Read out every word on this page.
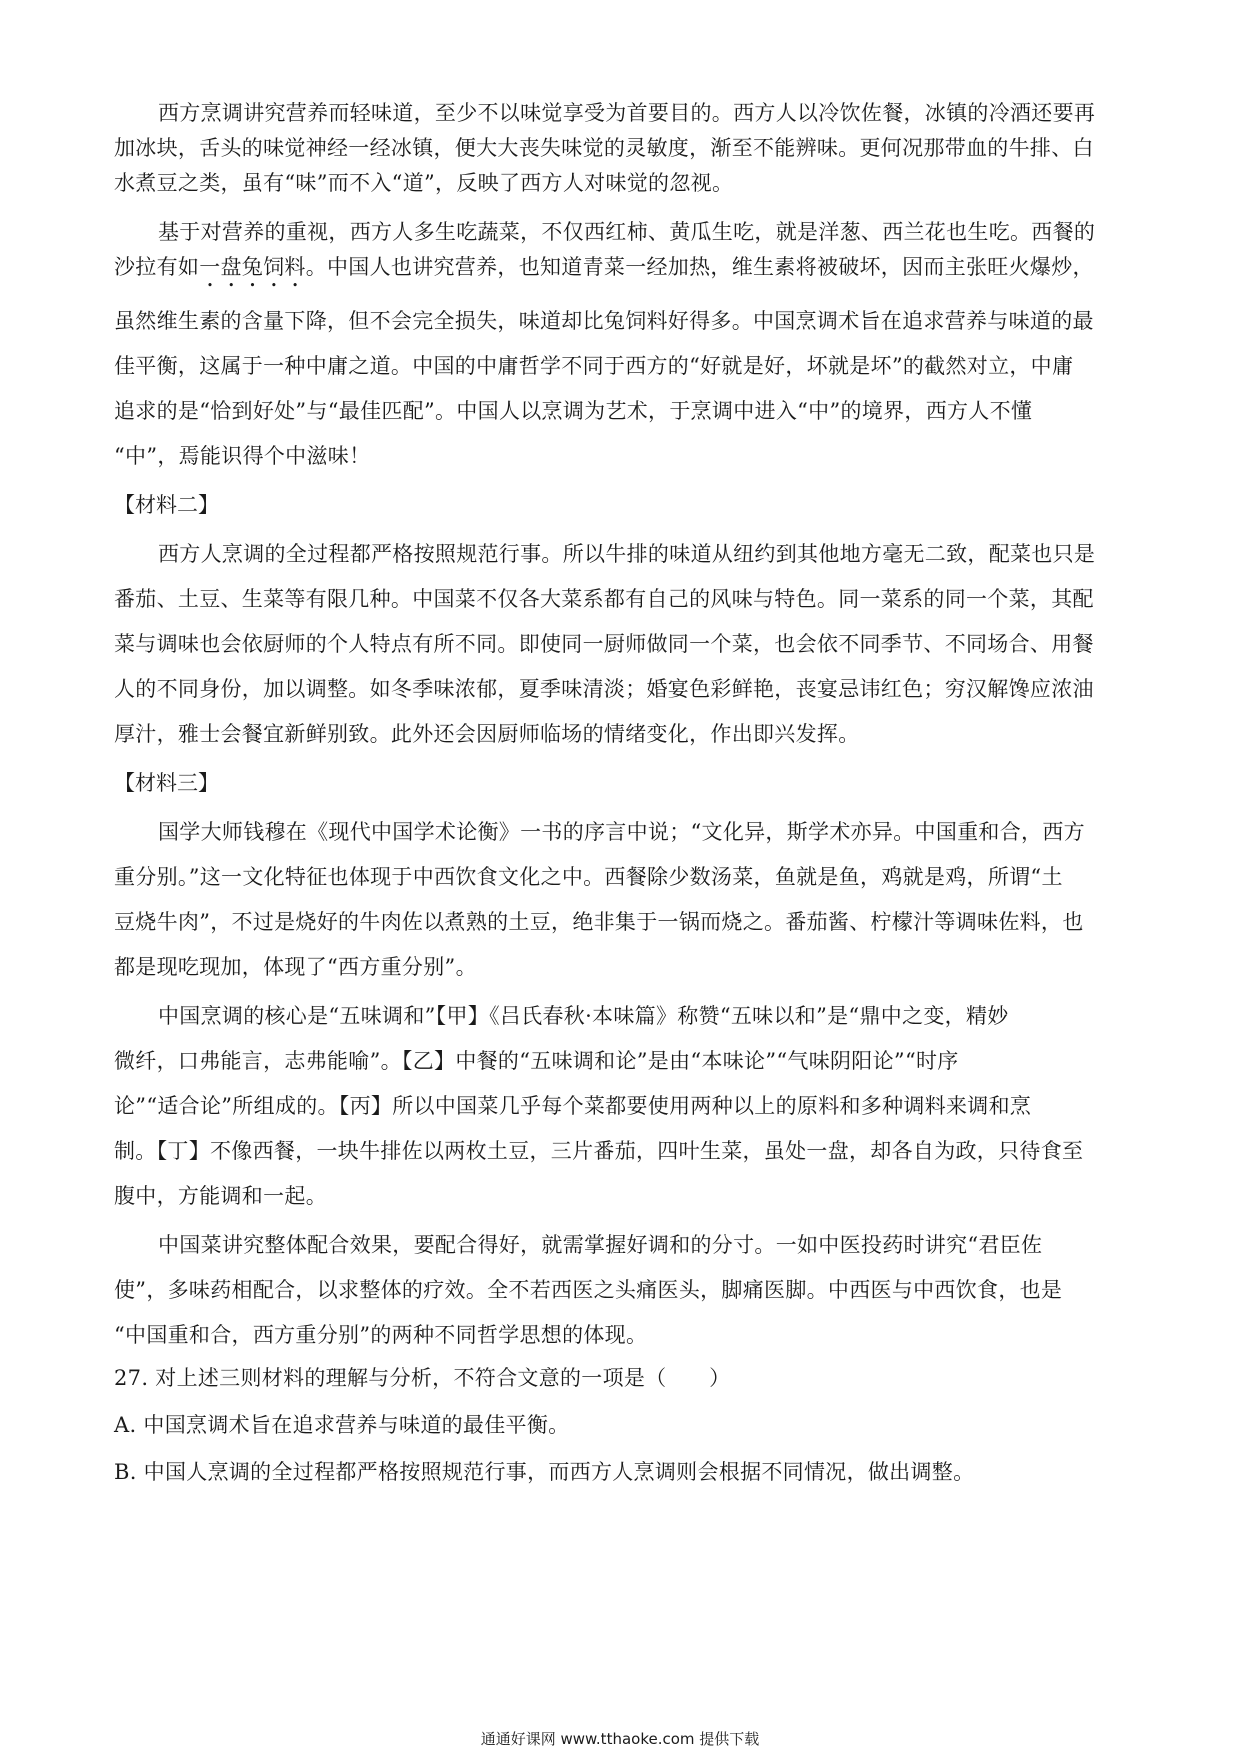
西方烹调讲究营养而轻味道，至少不以味觉享受为首要目的。西方人以冷饮佐餐，冰镇的冷酒还要再
加冰块，舌头的味觉神经一经冰镇，便大大丧失味觉的灵敏度，渐至不能辨味。更何况那带血的牛排、白
水煮豆之类，虽有“味”而不入“道”，反映了西方人对味觉的忽视。
基于对营养的重视，西方人多生吃蔬菜，不仅西红柿、黄瓜生吃，就是洋葱、西兰花也生吃。西餐的
沙拉有如一盘兔饲料。中国人也讲究营养，也知道青菜一经加热，维生素将被破坏，因而主张旺火爆炒，
虽然维生素的含量下降，但不会完全损失，味道却比兔饲料好得多。中国烹调术旨在追求营养与味道的最
佳平衡，这属于一种中庸之道。中国的中庸哲学不同于西方的“好就是好，坏就是坏”的截然对立，中庸
追求的是“恰到好处”与“最佳匹配”。中国人以烹调为艺术，于烹调中进入“中”的境界，西方人不懂
“中”，焉能识得个中滋味！
【材料二】
西方人烹调的全过程都严格按照规范行事。所以牛排的味道从纽约到其他地方毫无二致，配菜也只是
番茄、土豆、生菜等有限几种。中国菜不仅各大菜系都有自己的风味与特色。同一菜系的同一个菜，其配
菜与调味也会依厨师的个人特点有所不同。即使同一厨师做同一个菜，也会依不同季节、不同场合、用餐
人的不同身份，加以调整。如冬季味浓郁，夏季味清淡；婚宴色彩鲜艳，丧宴忌讳红色；穷汉解馋应浓油
厚汁，雅士会餐宜新鲜别致。此外还会因厨师临场的情绪变化，作出即兴发挥。
【材料三】
国学大师钱穆在《现代中国学术论衡》一书的序言中说；“文化异，斯学术亦异。中国重和合，西方
重分别。”这一文化特征也体现于中西饮食文化之中。西餐除少数汤菜，鱼就是鱼，鸡就是鸡，所谓“土
豆烧牛肉”，不过是烧好的牛肉佐以煮熟的土豆，绝非集于一锅而烧之。番茄酱、柠檬汁等调味佐料，也
都是现吃现加，体现了“西方重分别”。
中国烹调的核心是“五味调和”【甲】《吕氏春秋·本味篇》称赞“五味以和”是“鼎中之变，精妙
微纤，口弗能言，志弗能喻”。【乙】中餐的“五味调和论”是由“本味论”“气味阴阳论”“时序
论”“适合论”所组成的。【丙】所以中国菜几乎每个菜都要使用两种以上的原料和多种调料来调和烹
制。【丁】不像西餐，一块牛排佐以两枚土豆，三片番茄，四叶生菜，虽处一盘，却各自为政，只待食至
腹中，方能调和一起。
中国菜讲究整体配合效果，要配合得好，就需掌握好调和的分寸。一如中医投药时讲究“君臣佐
使”，多味药相配合，以求整体的疗效。全不若西医之头痛医头，脚痛医脚。中西医与中西饮食，也是
“中国重和合，西方重分别”的两种不同哲学思想的体现。
27. 对上述三则材料的理解与分析，不符合文意的一项是（　　）
A. 中国烹调术旨在追求营养与味道的最佳平衡。
B. 中国人烹调的全过程都严格按照规范行事，而西方人烹调则会根据不同情况，做出调整。
通通好课网 www.tthaoke.com 提供下载
